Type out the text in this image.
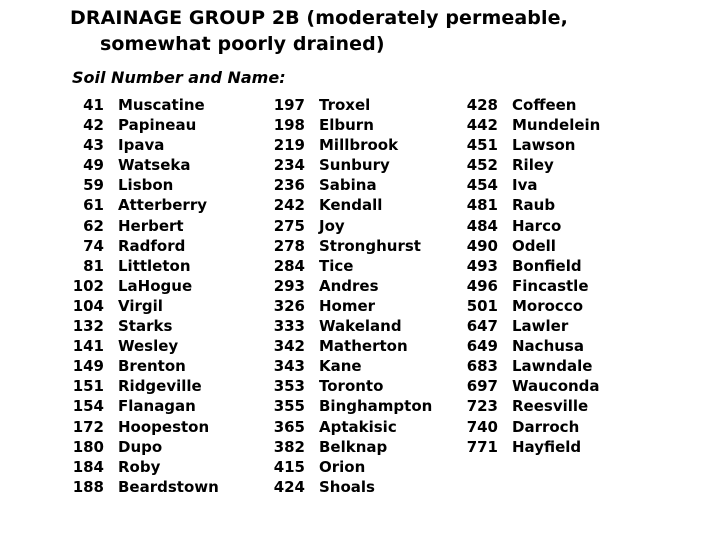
DRAINAGE GROUP 2B (moderately permeable,
somewhat poorly drained)
Soil Number and Name:
41 Muscatine
42 Papineau
43 Ipava
49 Watseka
59 Lisbon
61 Atterberry
62 Herbert
74 Radford
81 Littleton
102 LaHogue
104 Virgil
132 Starks
141 Wesley
149 Brenton
151 Ridgeville
154 Flanagan
172 Hoopeston
180 Dupo
184 Roby
188 Beardstown
197 Troxel
198 Elburn
219 Millbrook
234 Sunbury
236 Sabina
242 Kendall
275 Joy
278 Stronghurst
284 Tice
293 Andres
326 Homer
333 Wakeland
342 Matherton
343 Kane
353 Toronto
355 Binghampton
365 Aptakisic
382 Belknap
415 Orion
424 Shoals
428 Coffeen
442 Mundelein
451 Lawson
452 Riley
454 Iva
481 Raub
484 Harco
490 Odell
493 Bonfield
496 Fincastle
501 Morocco
647 Lawler
649 Nachusa
683 Lawndale
697 Wauconda
723 Reesville
740 Darroch
771 Hayfield
